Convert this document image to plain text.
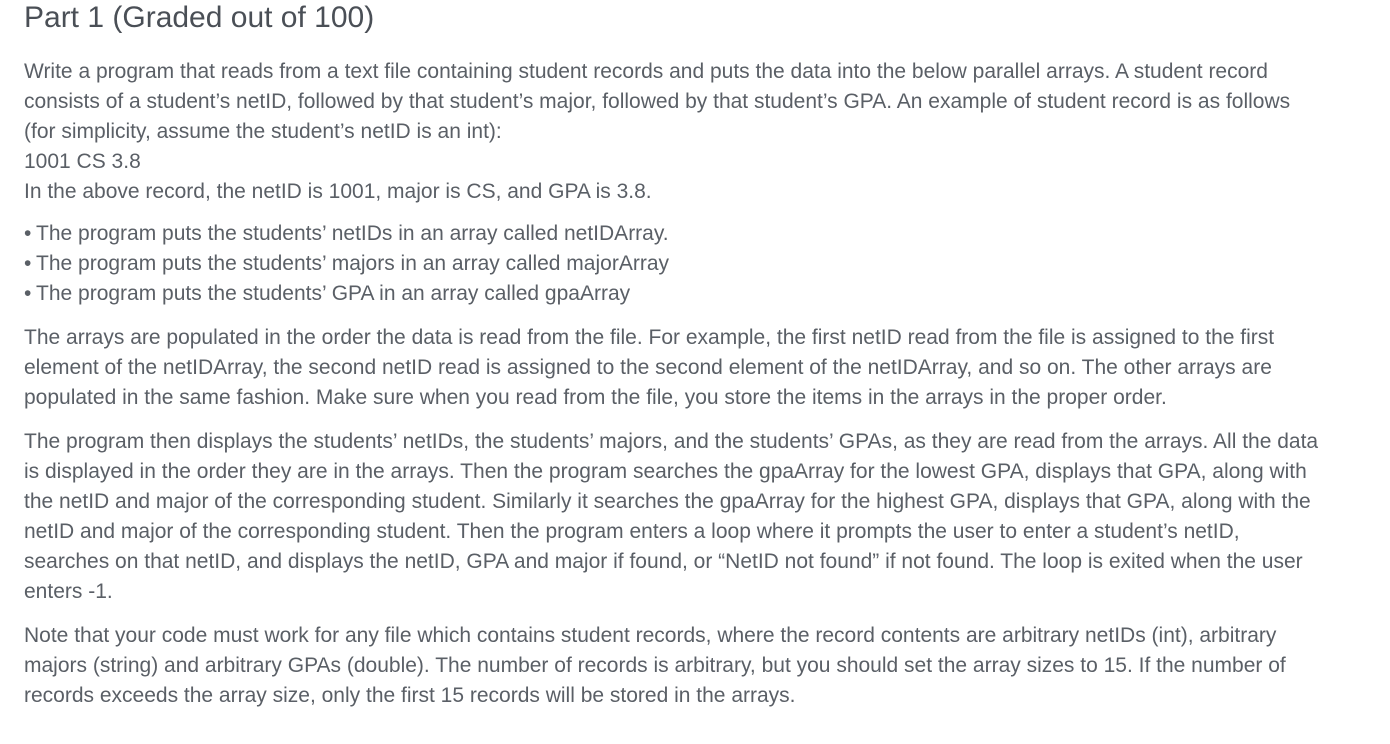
Part 1 (Graded out of 100)

Write a program that reads from a text file containing student records and puts the data into the below parallel arrays. A student record
consists of a student’s netID, followed by that student’s major, followed by that student’s GPA. An example of student record is as follows
(for simplicity, assume the student’s netID is an int):
1001 CS 3.8
In the above record, the netID is 1001, major is CS, and GPA is 3.8.

• The program puts the students’ netIDs in an array called netIDArray.
• The program puts the students’ majors in an array called majorArray
• The program puts the students’ GPA in an array called gpaArray

The arrays are populated in the order the data is read from the file. For example, the first netID read from the file is assigned to the first
element of the netIDArray, the second netID read is assigned to the second element of the netIDArray, and so on. The other arrays are
populated in the same fashion. Make sure when you read from the file, you store the items in the arrays in the proper order.

The program then displays the students’ netIDs, the students’ majors, and the students’ GPAs, as they are read from the arrays. All the data
is displayed in the order they are in the arrays. Then the program searches the gpaArray for the lowest GPA, displays that GPA, along with
the netID and major of the corresponding student. Similarly it searches the gpaArray for the highest GPA, displays that GPA, along with the
netID and major of the corresponding student. Then the program enters a loop where it prompts the user to enter a student’s netID,
searches on that netID, and displays the netID, GPA and major if found, or “NetID not found” if not found. The loop is exited when the user
enters -1.

Note that your code must work for any file which contains student records, where the record contents are arbitrary netIDs (int), arbitrary
majors (string) and arbitrary GPAs (double). The number of records is arbitrary, but you should set the array sizes to 15. If the number of
records exceeds the array size, only the first 15 records will be stored in the arrays.
